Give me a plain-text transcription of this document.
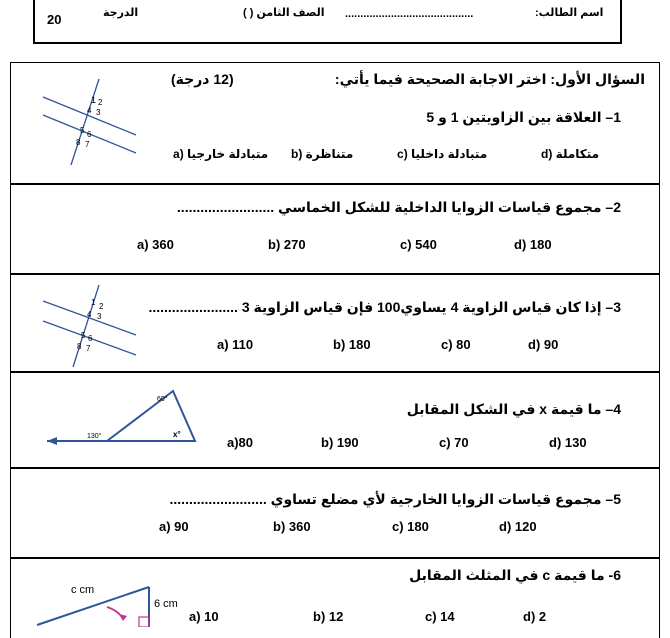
20	الدرجة	الصف الثامن ( ) ..........................................	اسم الطالب:
1 2
3
4
5 6
7
8
السؤال الأول: اختر الاجابة الصحيحة فيما يأتي:
(12 درجة)
1– العلاقة بين الزاويتين 1 و 5
متبادلة خارجيا (a متناظرة (b	متبادلة داخليا (c	متكاملة (d
2– مجموع قياسات الزوايا الداخلية للشكل الخماسي .........................
a) 360	b) 270	c) 540	d) 180
1 2
3
4
5 6
7
8
3– إذا كان قياس الزاوية 4 يساوي100 فإن قياس الزاوية 3 .......................
a) 110	b) 180	c) 80	d) 90
60°
130°	x°
4– ما قيمة x في الشكل المقابل
a)80	b) 190	c) 70	d) 130
5– مجموع قياسات الزوايا الخارجية لأي مضلع تساوي .........................
a) 90	b) 360	c) 180	d) 120
c cm
6 cm
6- ما قيمة c في المثلث المقابل
a) 10	b) 12	c) 14	d) 2
